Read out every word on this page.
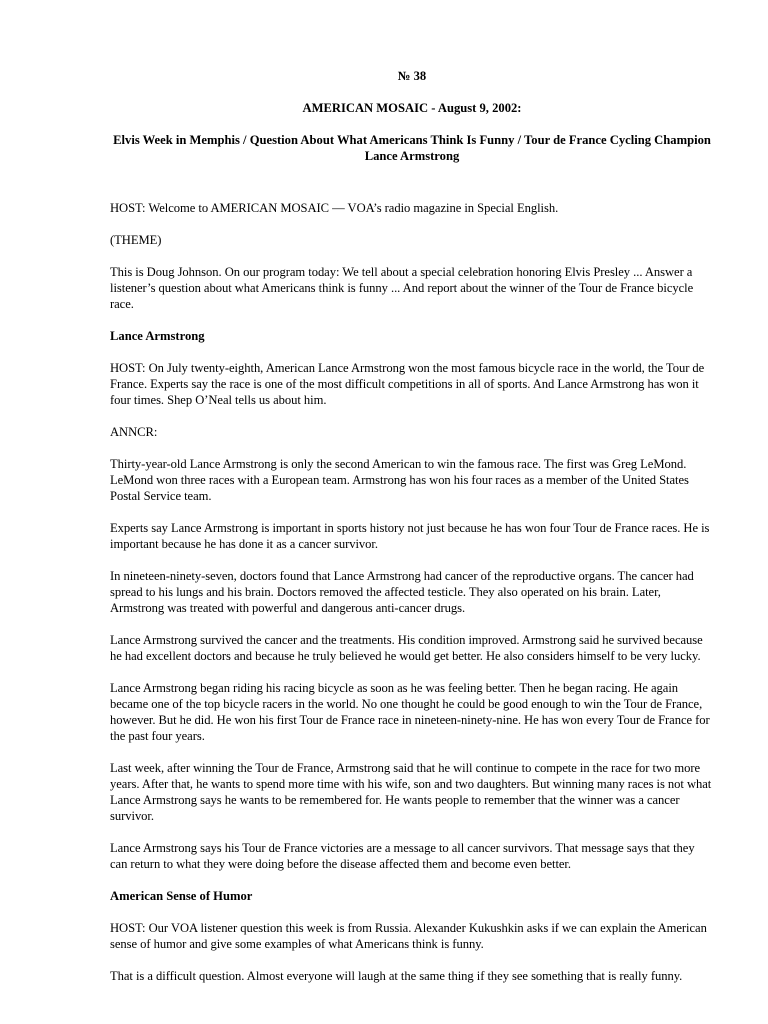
№ 38
AMERICAN MOSAIC - August 9, 2002:
Elvis Week in Memphis / Question About What Americans Think Is Funny / Tour de France Cycling Champion Lance Armstrong

HOST: Welcome to AMERICAN MOSAIC — VOA’s radio magazine in Special English.

(THEME)

This is Doug Johnson. On our program today: We tell about a special celebration honoring Elvis Presley ... Answer a listener’s question about what Americans think is funny ... And report about the winner of the Tour de France bicycle race.

Lance Armstrong

HOST: On July twenty-eighth, American Lance Armstrong won the most famous bicycle race in the world, the Tour de France. Experts say the race is one of the most difficult competitions in all of sports. And Lance Armstrong has won it four times. Shep O’Neal tells us about him.

ANNCR:

Thirty-year-old Lance Armstrong is only the second American to win the famous race. The first was Greg LeMond. LeMond won three races with a European team. Armstrong has won his four races as a member of the United States Postal Service team.

Experts say Lance Armstrong is important in sports history not just because he has won four Tour de France races. He is important because he has done it as a cancer survivor.

In nineteen-ninety-seven, doctors found that Lance Armstrong had cancer of the reproductive organs. The cancer had spread to his lungs and his brain. Doctors removed the affected testicle. They also operated on his brain. Later, Armstrong was treated with powerful and dangerous anti-cancer drugs.

Lance Armstrong survived the cancer and the treatments. His condition improved. Armstrong said he survived because he had excellent doctors and because he truly believed he would get better. He also considers himself to be very lucky.

Lance Armstrong began riding his racing bicycle as soon as he was feeling better. Then he began racing. He again became one of the top bicycle racers in the world. No one thought he could be good enough to win the Tour de France, however. But he did. He won his first Tour de France race in nineteen-ninety-nine. He has won every Tour de France for the past four years.

Last week, after winning the Tour de France, Armstrong said that he will continue to compete in the race for two more years. After that, he wants to spend more time with his wife, son and two daughters. But winning many races is not what Lance Armstrong says he wants to be remembered for. He wants people to remember that the winner was a cancer survivor.

Lance Armstrong says his Tour de France victories are a message to all cancer survivors. That message says that they can return to what they were doing before the disease affected them and become even better.

American Sense of Humor

HOST: Our VOA listener question this week is from Russia. Alexander Kukushkin asks if we can explain the American sense of humor and give some examples of what Americans think is funny.

That is a difficult question. Almost everyone will laugh at the same thing if they see something that is really funny.
